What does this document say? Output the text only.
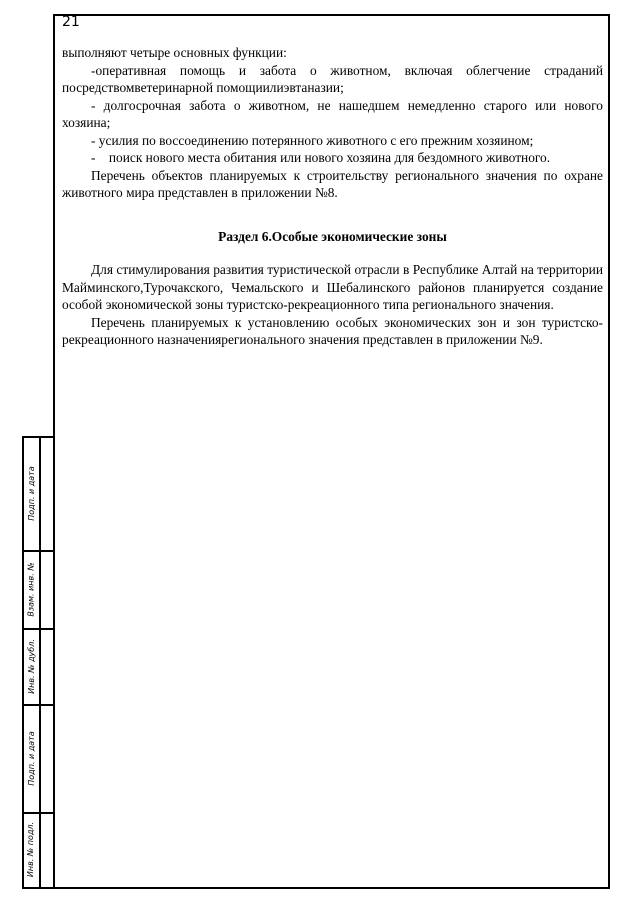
21

выполняют четыре основных функции:

-оперативная помощь и забота о животном, включая облегчение страданий посредствомветеринарной помощиилиэвтаназии;

- долгосрочная забота о животном, не нашедшем немедленно старого или нового хозяина;

- усилия по воссоединению потерянного животного с его прежним хозяином;

-    поиск нового места обитания или нового хозяина для бездомного животного.

Перечень объектов планируемых к строительству регионального значения по охране животного мира представлен в приложении №8.

Раздел 6.Особые экономические зоны

Для стимулирования развития туристической отрасли в Республике Алтай на территории Майминского,Турочакского, Чемальского и Шебалинского районов планируется создание особой экономической зоны туристско-рекреационного типа регионального значения.

Перечень планируемых к установлению особых экономических зон и зон туристско-рекреационного назначениярегионального значения представлен в приложении №9.

Подп. и дата
Взам. инв. №
Инв. № дубл.
Подп. и дата
Инв. № подл.
